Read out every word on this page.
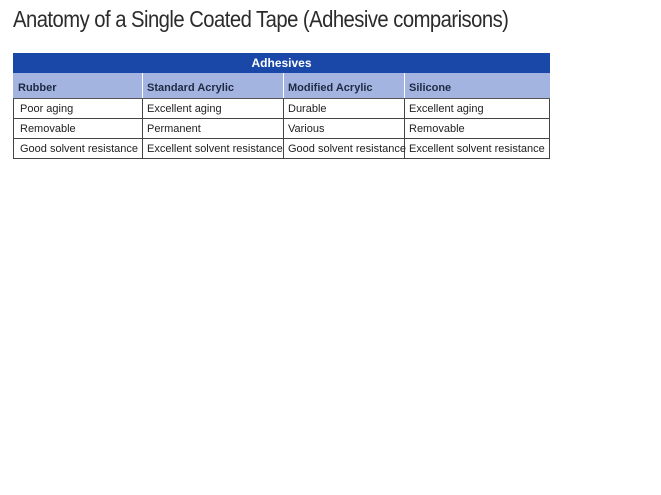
Anatomy of a Single Coated Tape (Adhesive comparisons)
Adhesives			
Rubber	Standard Acrylic	Modified Acrylic	Silicone
Poor aging	Excellent aging	Durable	Excellent aging
Removable	Permanent	Various	Removable
Good solvent resistance	Excellent solvent resistance	Good solvent resistance	Excellent solvent resistance
